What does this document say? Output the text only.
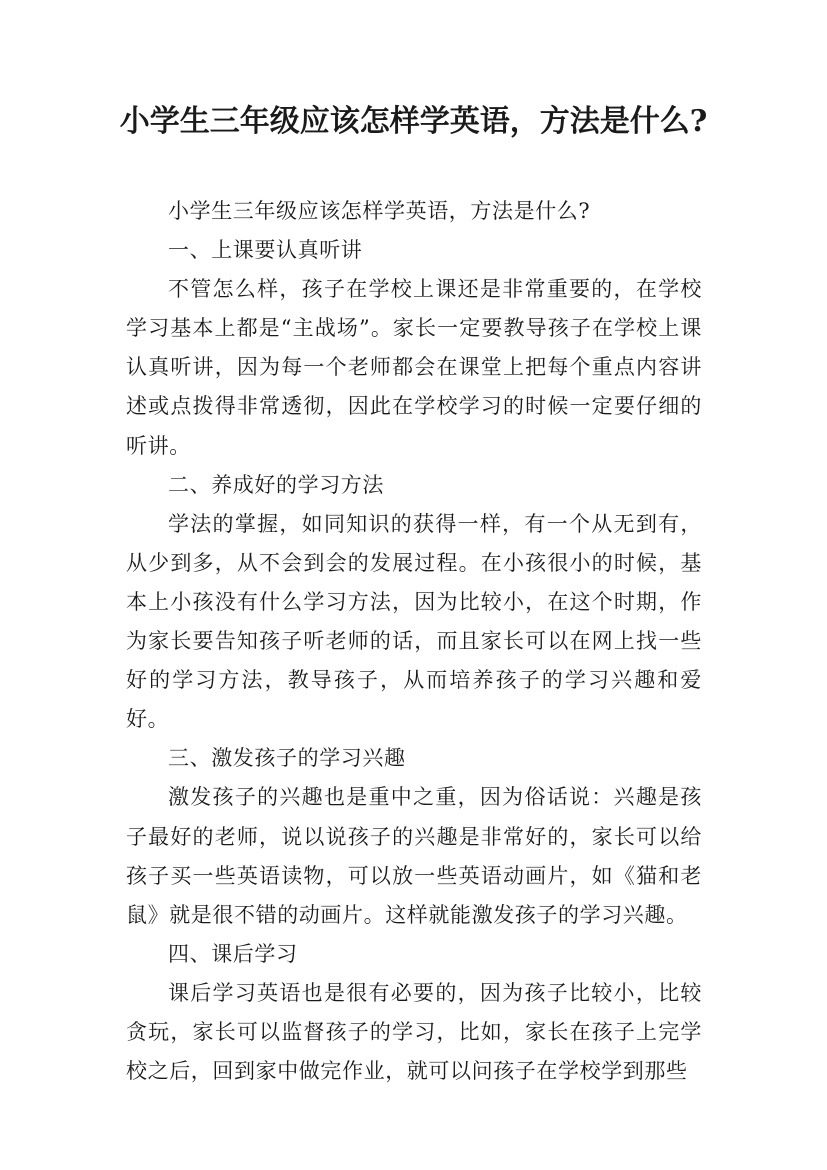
小学生三年级应该怎样学英语，方法是什么?

小学生三年级应该怎样学英语，方法是什么?

一、上课要认真听讲

不管怎么样，孩子在学校上课还是非常重要的，在学校学习基本上都是“主战场”。家长一定要教导孩子在学校上课认真听讲，因为每一个老师都会在课堂上把每个重点内容讲述或点拨得非常透彻，因此在学校学习的时候一定要仔细的听讲。

二、养成好的学习方法

学法的掌握，如同知识的获得一样，有一个从无到有，从少到多，从不会到会的发展过程。在小孩很小的时候，基本上小孩没有什么学习方法，因为比较小，在这个时期，作为家长要告知孩子听老师的话，而且家长可以在网上找一些好的学习方法，教导孩子，从而培养孩子的学习兴趣和爱好。

三、激发孩子的学习兴趣

激发孩子的兴趣也是重中之重，因为俗话说：兴趣是孩子最好的老师，说以说孩子的兴趣是非常好的，家长可以给孩子买一些英语读物，可以放一些英语动画片，如《猫和老鼠》就是很不错的动画片。这样就能激发孩子的学习兴趣。

四、课后学习

课后学习英语也是很有必要的，因为孩子比较小，比较贪玩，家长可以监督孩子的学习，比如，家长在孩子上完学校之后，回到家中做完作业，就可以问孩子在学校学到那些
